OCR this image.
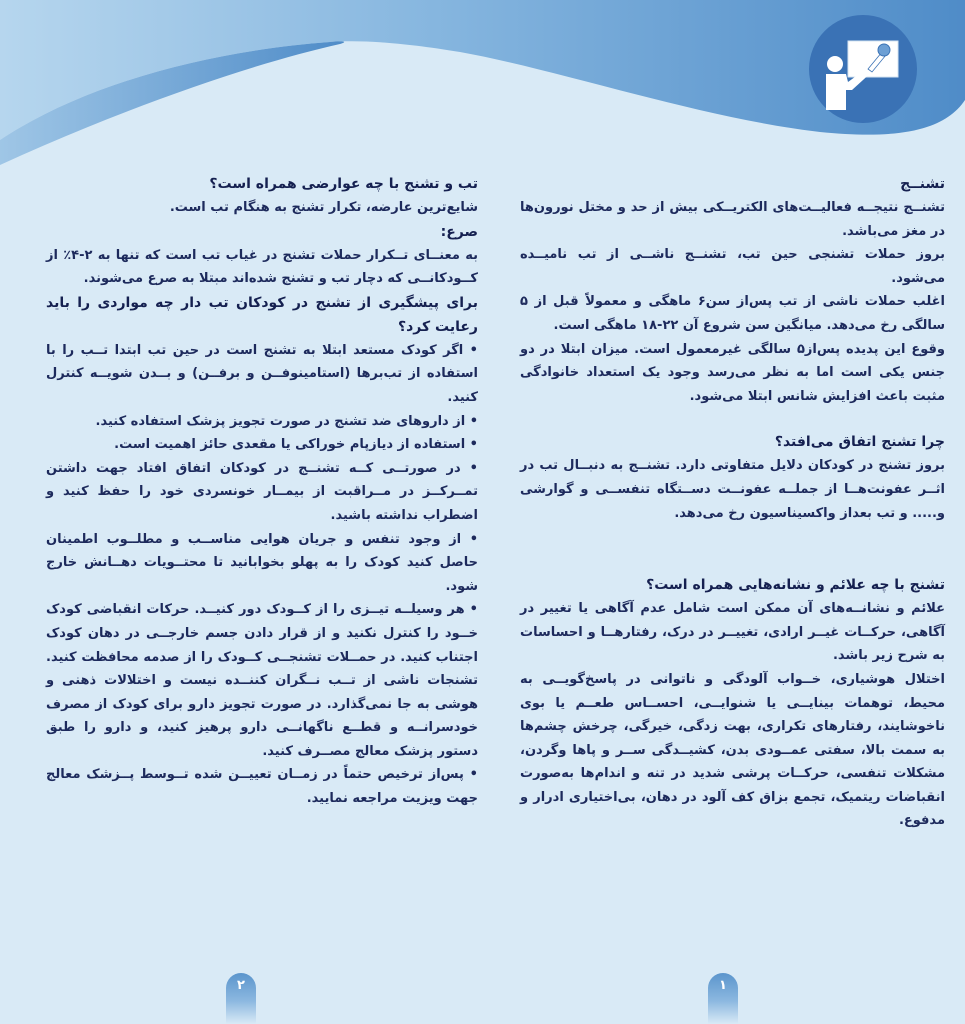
تشنــج

تشنــج نتیجــه فعالیــت‌های الکتریــکی بیش از حد و مختل نورون‌ها در مغز می‌باشد.

بروز حملات تشنجی حین تب، تشنــج ناشــی از تب نامیــده می‌شود.

اغلب حملات ناشی از تب پس‌از سن۶ ماهگی و معمولاً قبل از ۵ سالگی رخ می‌دهد. میانگین سن شروع آن ۲۲-۱۸ ماهگی است.

وقوع این پدیده پس‌از۵ سالگی غیرمعمول است. میزان ابتلا در دو جنس یکی است اما به نظر می‌رسد وجود یک استعداد خانوادگی مثبت باعث افزایش شانس ابتلا می‌شود.

چرا تشنج اتفاق می‌افتد؟

بروز تشنج در کودکان دلایل متفاوتی دارد. تشنــج به دنبــال تب در اثــر عفونت‌هــا از جملــه عفونــت دســتگاه تنفســی و گوارشی و..... و تب بعداز واکسیناسیون رخ می‌دهد.

تشنج با چه علائم و نشانه‌هایی همراه است؟

علائم و نشانــه‌های آن ممکن است شامل عدم آگاهی یا تغییر در آگاهی، حرکــات غیــر ارادی، تغییــر در درک، رفتارهــا و احساسات به شرح زیر باشد.

اختلال هوشیاری، خــواب آلودگی و ناتوانی در پاسخ‌گویــی به محیط، توهمات بینایــی یا شنوایــی، احســاس طعــم یا بوی ناخوشایند، رفتارهای تکراری، بهت زدگی، خیرگی، چرخش چشم‌ها به سمت بالا، سفتی عمــودی بدن، کشیــدگی ســر و پاها وگردن، مشکلات تنفسی، حرکــات پرشی شدید در تنه و اندام‌ها به‌صورت انقباضات ریتمیک، تجمع بزاق کف آلود در دهان، بی‌اختیاری ادرار و مدفوع.

تب و تشنج با چه عوارضی همراه است؟

شایع‌ترین عارضه، تکرار تشنج به هنگام تب است.

صرع:

به معنــای تــکرار حملات تشنج در غیاب تب است که تنها به ۲-۴٪ از کــودکانــی که دچار تب و تشنج شده‌اند مبتلا به صرع می‌شوند.

برای پیشگیری از تشنج در کودکان تب دار چه مواردی را باید رعایت کرد؟

• اگر کودک مستعد ابتلا به تشنج است در حین تب ابتدا تــب را با استفاده از تب‌برها (استامینوفــن و برفــن) و بــدن شویــه کنترل کنید.

• از داروهای ضد تشنج در صورت تجویز پزشک استفاده کنید.

• استفاده از دیازپام خوراکی یا مقعدی حائز اهمیت است.

• در صورتــی کــه تشنــج در کودکان اتفاق افتاد جهت داشتن تمــرکــز در مــراقبت از بیمــار خونسردی خود را حفظ کنید و اضطراب نداشته باشید.

• از وجود تنفس و جریان هوایی مناســب و مطلــوب اطمینان حاصل کنید کودک را به پهلو بخوابانید تا محتــویات دهــانش خارج شود.

• هر وسیلــه تیــزی را از کــودک دور کنیــد. حرکات انقباضی کودک خــود را کنترل نکنید و از قرار دادن جسم خارجــی در دهان کودک اجتناب کنید. در حمــلات تشنجــی کــودک را از صدمه محافظت کنید. تشنجات ناشی از تــب نــگران کننــده نیست و اختلالات ذهنی و هوشی به جا نمی‌گذارد. در صورت تجویز دارو برای کودک از مصرف خودسرانــه و قطــع ناگهانــی دارو پرهیز کنید، و دارو را طبق دستور پزشک معالج مصــرف کنید.

• پس‌از ترخیص حتماً در زمــان تعییــن شده تــوسط پــزشک معالج جهت ویزیت مراجعه نمایید.

۱
۲
